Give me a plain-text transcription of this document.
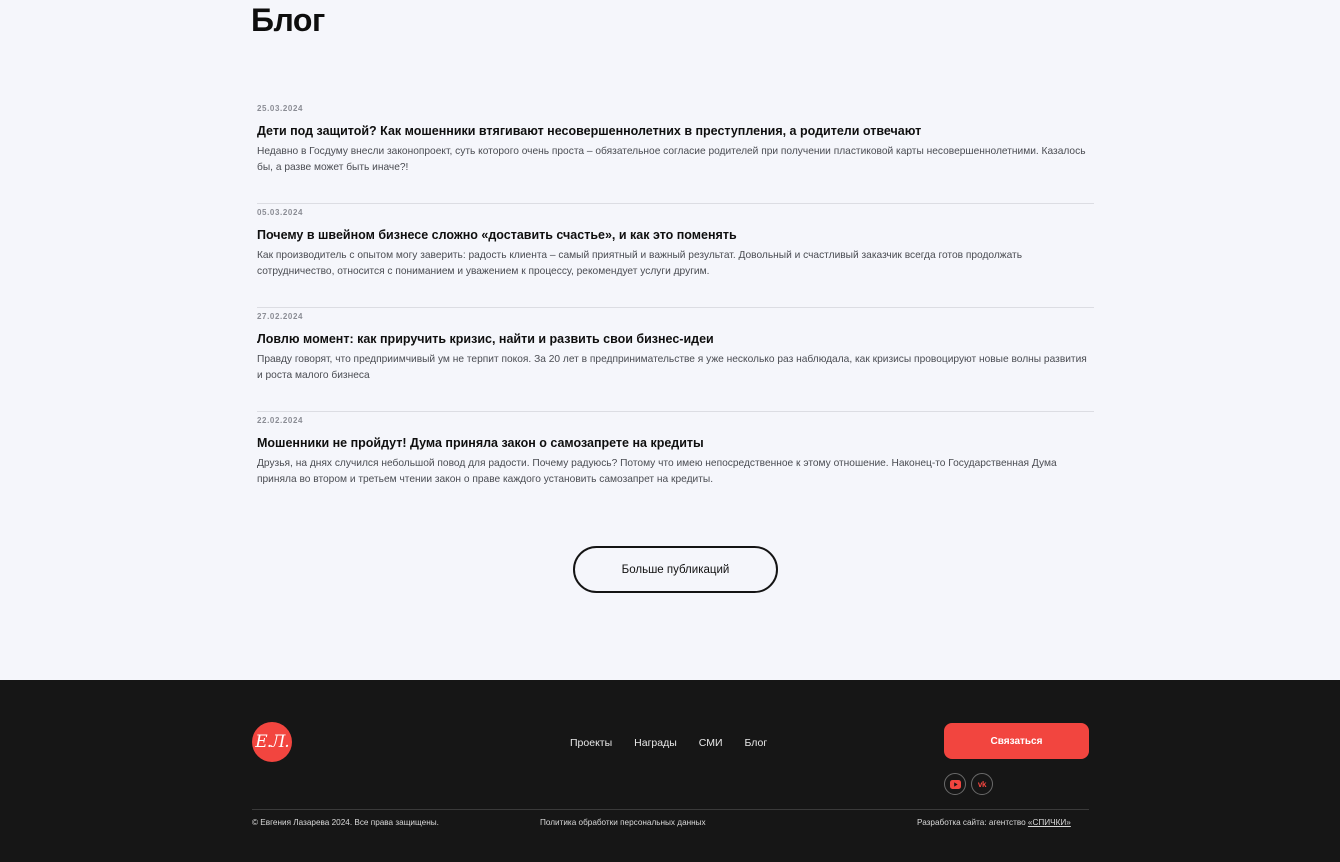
Блог
25.03.2024
Дети под защитой? Как мошенники втягивают несовершеннолетних в преступления, а родители отвечают
Недавно в Госдуму внесли законопроект, суть которого очень проста – обязательное согласие родителей при получении пластиковой карты несовершеннолетними. Казалось бы, а разве может быть иначе?!
05.03.2024
Почему в швейном бизнесе сложно «доставить счастье», и как это поменять
Как производитель с опытом могу заверить: радость клиента – самый приятный и важный результат. Довольный и счастливый заказчик всегда готов продолжать сотрудничество, относится с пониманием и уважением к процессу, рекомендует услуги другим.
27.02.2024
Ловлю момент: как приручить кризис, найти и развить свои бизнес-идеи
Правду говорят, что предприимчивый ум не терпит покоя. За 20 лет в предпринимательстве я уже несколько раз наблюдала, как кризисы провоцируют новые волны развития и роста малого бизнеса
22.02.2024
Мошенники не пройдут! Дума приняла закон о самозапрете на кредиты
Друзья, на днях случился небольшой повод для радости. Почему радуюсь? Потому что имею непосредственное к этому отношение. Наконец-то Государственная Дума приняла во втором и третьем чтении закон о праве каждого установить самозапрет на кредиты.
Больше публикаций
Е.Л.	Проекты Награды СМИ Блог	Связаться
vk
© Евгения Лазарева 2024. Все права защищены.	Политика обработки персональных данных	Разработка сайта: агентство «СПИЧКИ»
